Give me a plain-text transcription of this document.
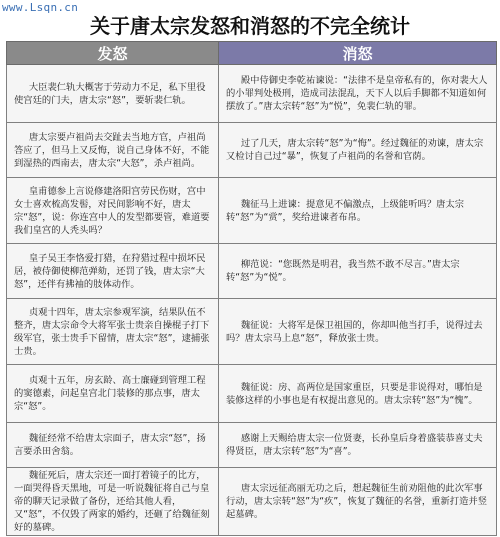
www.Lsqn.cn
关于唐太宗发怒和消怒的不完全统计
发怒	消怒
大臣裴仁轨大概害于劳动力不足，私下里役使宫廷的门夫，唐太宗“怒”，要斩裴仁轨。	殿中侍御史李乾祐谏说：“法律不是皇帝私有的，你对裴大人的小罪判处极刑，造成司法混乱，天下人以后手脚都不知道如何摆放了。”唐太宗转“怒”为“悦”，免裴仁轨的罪。
唐太宗要卢祖尚去交趾去当地方官，卢祖尚答应了，但马上又反悔，说自己身体不好，不能到湿热的西南去，唐太宗“大怒”，杀卢祖尚。	过了几天，唐太宗转“怒”为“悔”。经过魏征的劝谏，唐太宗又检讨自己过“暴”，恢复了卢祖尚的名誉和官荫。
皇甫德参上言说修建洛阳宫劳民伤财，宫中女士喜欢梳高发髻，对民间影响不好，唐太宗“怒”，说：你连宫中人的发型都要管，难道要我们皇宫的人秃头吗？	魏征马上进谏：提意见不偏激点，上级能听吗？唐太宗转“怒”为“赏”，奖给进谏者布帛。
皇子吴王李恪爱打猎，在狩猎过程中损坏民居，被侍御使柳范弹劾，还罚了钱，唐太宗“大怒”，还伴有拂袖的肢体动作。	柳范说：“您既然是明君，我当然不敢不尽言。”唐太宗转“怒”为“悦”。
贞观十四年，唐太宗参观军演，结果队伍不整齐，唐太宗命令大将军张士贵亲自操棍子打下级军官，张士贵手下留情，唐太宗“怒”，逮捕张士贵。	魏征说：大将军是保卫祖国的，你却叫他当打手，说得过去吗？唐太宗马上息“怒”，释放张士贵。
贞观十五年，房玄龄、高士廉碰到管理工程的窦德素，问起皇宫北门装修的那点事，唐太宗“怒”。	魏征说：房、高两位是国家重臣，只要是非说得对，哪怕是装修这样的小事也是有权提出意见的。唐太宗转“怒”为“愧”。
魏征经常不给唐太宗面子，唐太宗“怒”，扬言要杀田舍翁。	感谢上天赐给唐太宗一位贤妻，长孙皇后身着盛装恭喜丈夫得贤臣，唐太宗转“怒”为“喜”。
魏征死后，唐太宗还一面打着镜子的比方，一面哭得昏天黑地，可是一听说魏征将自己与皇帝的聊天记录做了备份，还给其他人看，又“怒”，不仅毁了两家的婚约，还砸了给魏征刻好的墓碑。	唐太宗远征高丽无功之后，想起魏征生前劝阻他的此次军事行动，唐太宗转“怒”为“疚”，恢复了魏征的名誉，重新打造并竖起墓碑。
